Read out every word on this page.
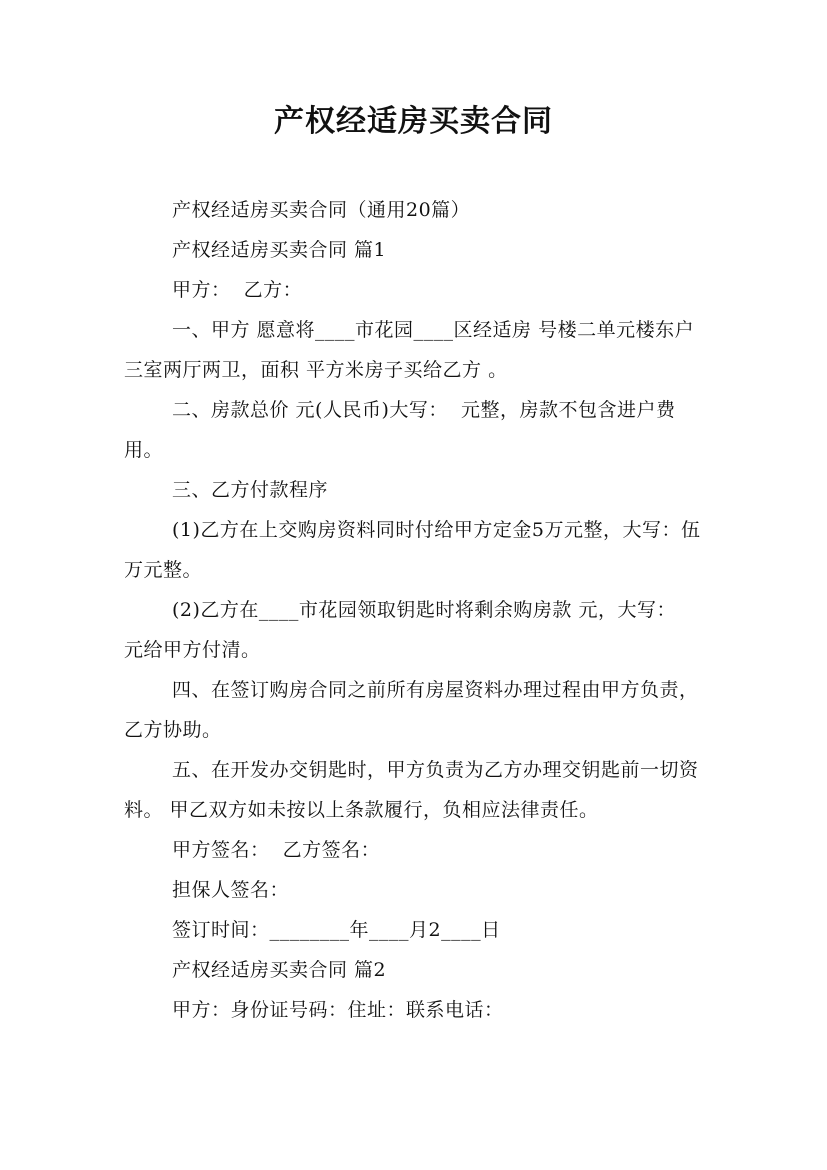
产权经适房买卖合同

产权经适房买卖合同（通用20篇）

产权经适房买卖合同 篇1

甲方：  乙方：

一、甲方 愿意将____市花园____区经适房 号楼二单元楼东户三室两厅两卫，面积 平方米房子买给乙方 。

二、房款总价 元(人民币)大写：  元整，房款不包含进户费用。

三、乙方付款程序

(1)乙方在上交购房资料同时付给甲方定金5万元整，大写：伍万元整。

(2)乙方在____市花园领取钥匙时将剩余购房款 元，大写：  元给甲方付清。

四、在签订购房合同之前所有房屋资料办理过程由甲方负责，乙方协助。

五、在开发办交钥匙时，甲方负责为乙方办理交钥匙前一切资料。 甲乙双方如未按以上条款履行，负相应法律责任。

甲方签名：  乙方签名：

担保人签名：

签订时间：________年____月2____日

产权经适房买卖合同 篇2

甲方：身份证号码：住址：联系电话：
